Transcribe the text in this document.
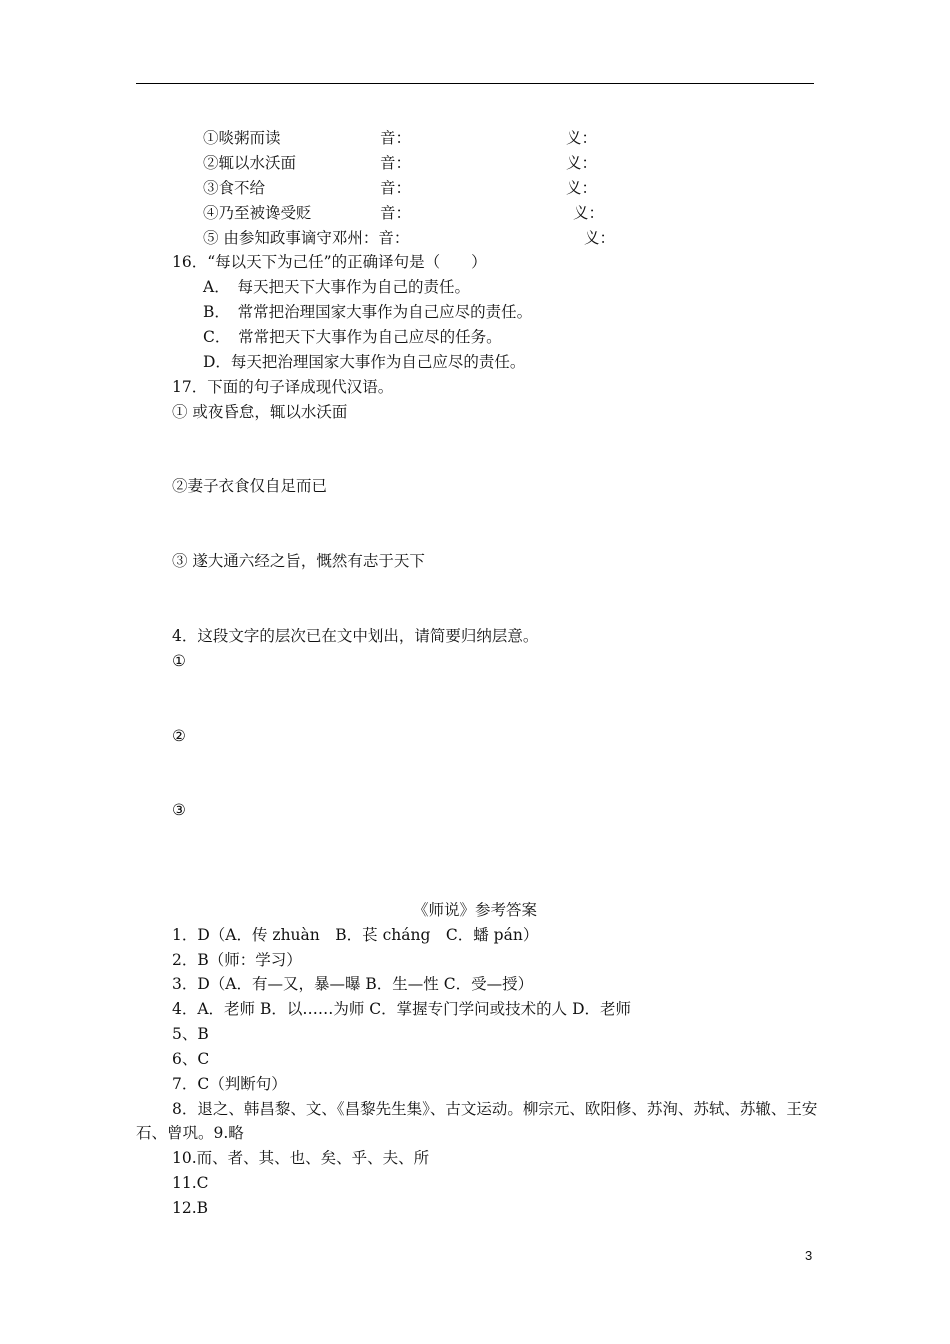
①啖粥而读	音：	义：
②辄以水沃面	音：	义：
③食不给	音：	义：
④乃至被谗受贬	音：	义：
⑤ 由参知政事谪守邓州：音：	义：
16．“每以天下为己任”的正确译句是（　　）
A．　每天把天下大事作为自己的责任。
B．　常常把治理国家大事作为自己应尽的责任。
C．　常常把天下大事作为自己应尽的任务。
D．每天把治理国家大事作为自己应尽的责任。
17．下面的句子译成现代汉语。
① 或夜昏怠，辄以水沃面
②妻子衣食仅自足而已
③ 遂大通六经之旨，慨然有志于天下
4．这段文字的层次已在文中划出，请简要归纳层意。
①
②
③
《师说》参考答案
1．D（A．传 zhuàn　B．苌 cháng　C．蟠 pán）
2．B（师：学习）
3．D（A．有—又，暴—曝 B．生—性 C．受—授）
4．A．老师 B．以……为师 C．掌握专门学问或技术的人 D．老师
5、B
6、C
7．C（判断句）
8．退之、韩昌黎、文、《昌黎先生集》、古文运动。柳宗元、欧阳修、苏洵、苏轼、苏辙、王安
石、曾巩。9.略
10.而、者、其、也、矣、乎、夫、所
11.C
12.B
3
